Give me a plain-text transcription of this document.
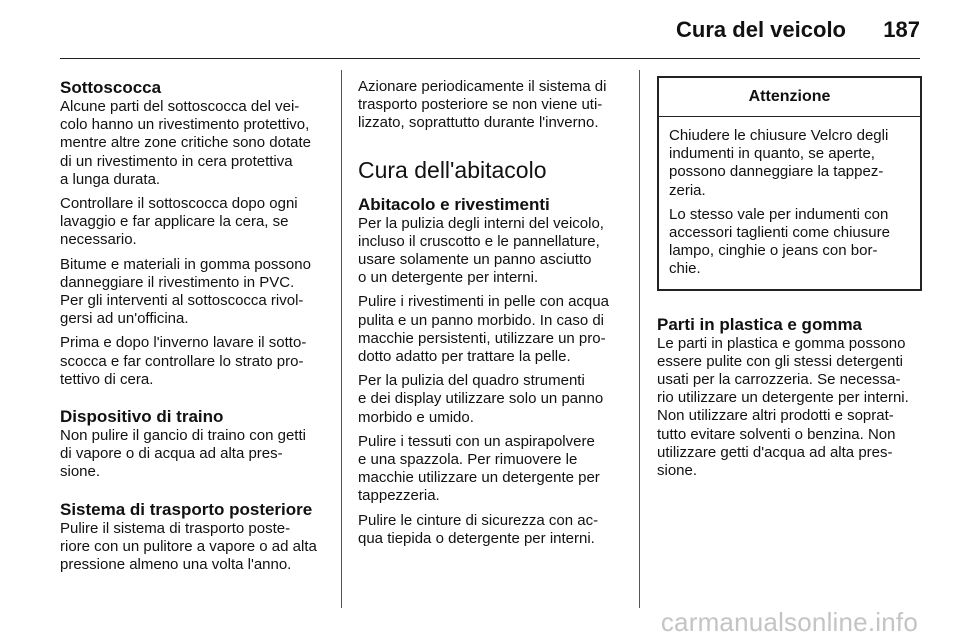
Cura del veicolo 187
Sottoscocca

Alcune parti del sottoscocca del vei-
colo hanno un rivestimento protettivo,
mentre altre zone critiche sono dotate
di un rivestimento in cera protettiva
a lunga durata.

Controllare il sottoscocca dopo ogni
lavaggio e far applicare la cera, se
necessario.

Bitume e materiali in gomma possono
danneggiare il rivestimento in PVC.
Per gli interventi al sottoscocca rivol-
gersi ad un'officina.

Prima e dopo l'inverno lavare il sotto-
scocca e far controllare lo strato pro-
tettivo di cera.

Dispositivo di traino

Non pulire il gancio di traino con getti
di vapore o di acqua ad alta pres-
sione.

Sistema di trasporto posteriore

Pulire il sistema di trasporto poste-
riore con un pulitore a vapore o ad alta
pressione almeno una volta l'anno.

Azionare periodicamente il sistema di
trasporto posteriore se non viene uti-
lizzato, soprattutto durante l'inverno.

Cura dell'abitacolo
Abitacolo e rivestimenti

Per la pulizia degli interni del veicolo,
incluso il cruscotto e le pannellature,
usare solamente un panno asciutto
o un detergente per interni.

Pulire i rivestimenti in pelle con acqua
pulita e un panno morbido. In caso di
macchie persistenti, utilizzare un pro-
dotto adatto per trattare la pelle.

Per la pulizia del quadro strumenti
e dei display utilizzare solo un panno
morbido e umido.

Pulire i tessuti con un aspirapolvere
e una spazzola. Per rimuovere le
macchie utilizzare un detergente per
tappezzeria.

Pulire le cinture di sicurezza con ac-
qua tiepida o detergente per interni.

Attenzione

Chiudere le chiusure Velcro degli
indumenti in quanto, se aperte,
possono danneggiare la tappez-
zeria.

Lo stesso vale per indumenti con
accessori taglienti come chiusure
lampo, cinghie o jeans con bor-
chie.

Parti in plastica e gomma

Le parti in plastica e gomma possono
essere pulite con gli stessi detergenti
usati per la carrozzeria. Se necessa-
rio utilizzare un detergente per interni.
Non utilizzare altri prodotti e soprat-
tutto evitare solventi o benzina. Non
utilizzare getti d'acqua ad alta pres-
sione.

carmanualsonline.info
